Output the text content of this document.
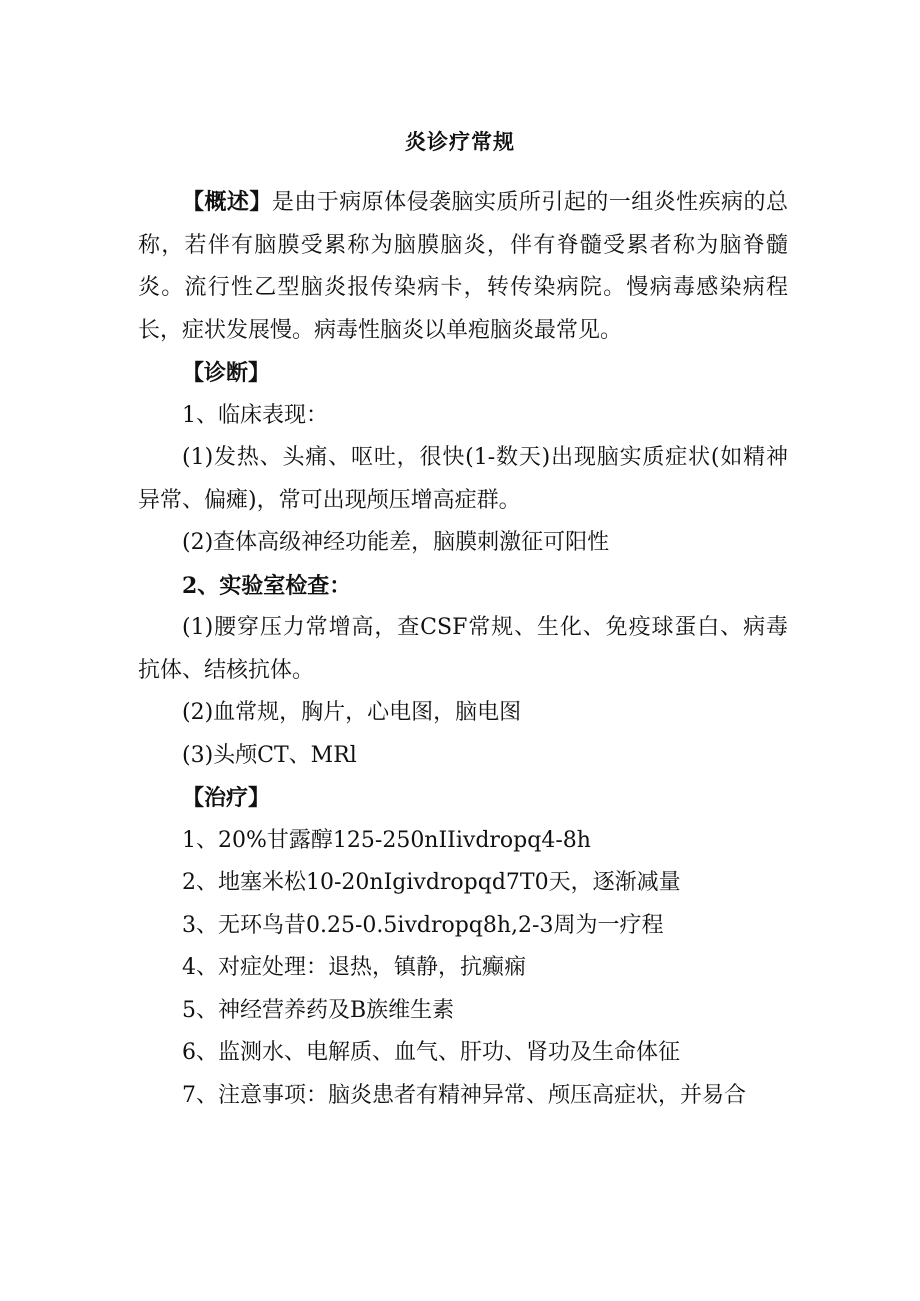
炎诊疗常规

【概述】是由于病原体侵袭脑实质所引起的一组炎性疾病的总称，若伴有脑膜受累称为脑膜脑炎，伴有脊髓受累者称为脑脊髓炎。流行性乙型脑炎报传染病卡，转传染病院。慢病毒感染病程长，症状发展慢。病毒性脑炎以单疱脑炎最常见。

【诊断】

1、临床表现：

(1)发热、头痛、呕吐，很快(1-数天)出现脑实质症状(如精神异常、偏瘫)，常可出现颅压增高症群。

(2)查体高级神经功能差，脑膜刺激征可阳性

2、实验室检查：

(1)腰穿压力常增高，查CSF常规、生化、免疫球蛋白、病毒抗体、结核抗体。

(2)血常规，胸片，心电图，脑电图

(3)头颅CT、MRl

【治疗】

1、20%甘露醇125-250nIIivdropq4-8h

2、地塞米松10-20nIgivdropqd7T0天，逐渐减量

3、无环鸟昔0.25-0.5ivdropq8h,2-3周为一疗程

4、对症处理：退热，镇静，抗癫痫

5、神经营养药及B族维生素

6、监测水、电解质、血气、肝功、肾功及生命体征

7、注意事项：脑炎患者有精神异常、颅压高症状，并易合
